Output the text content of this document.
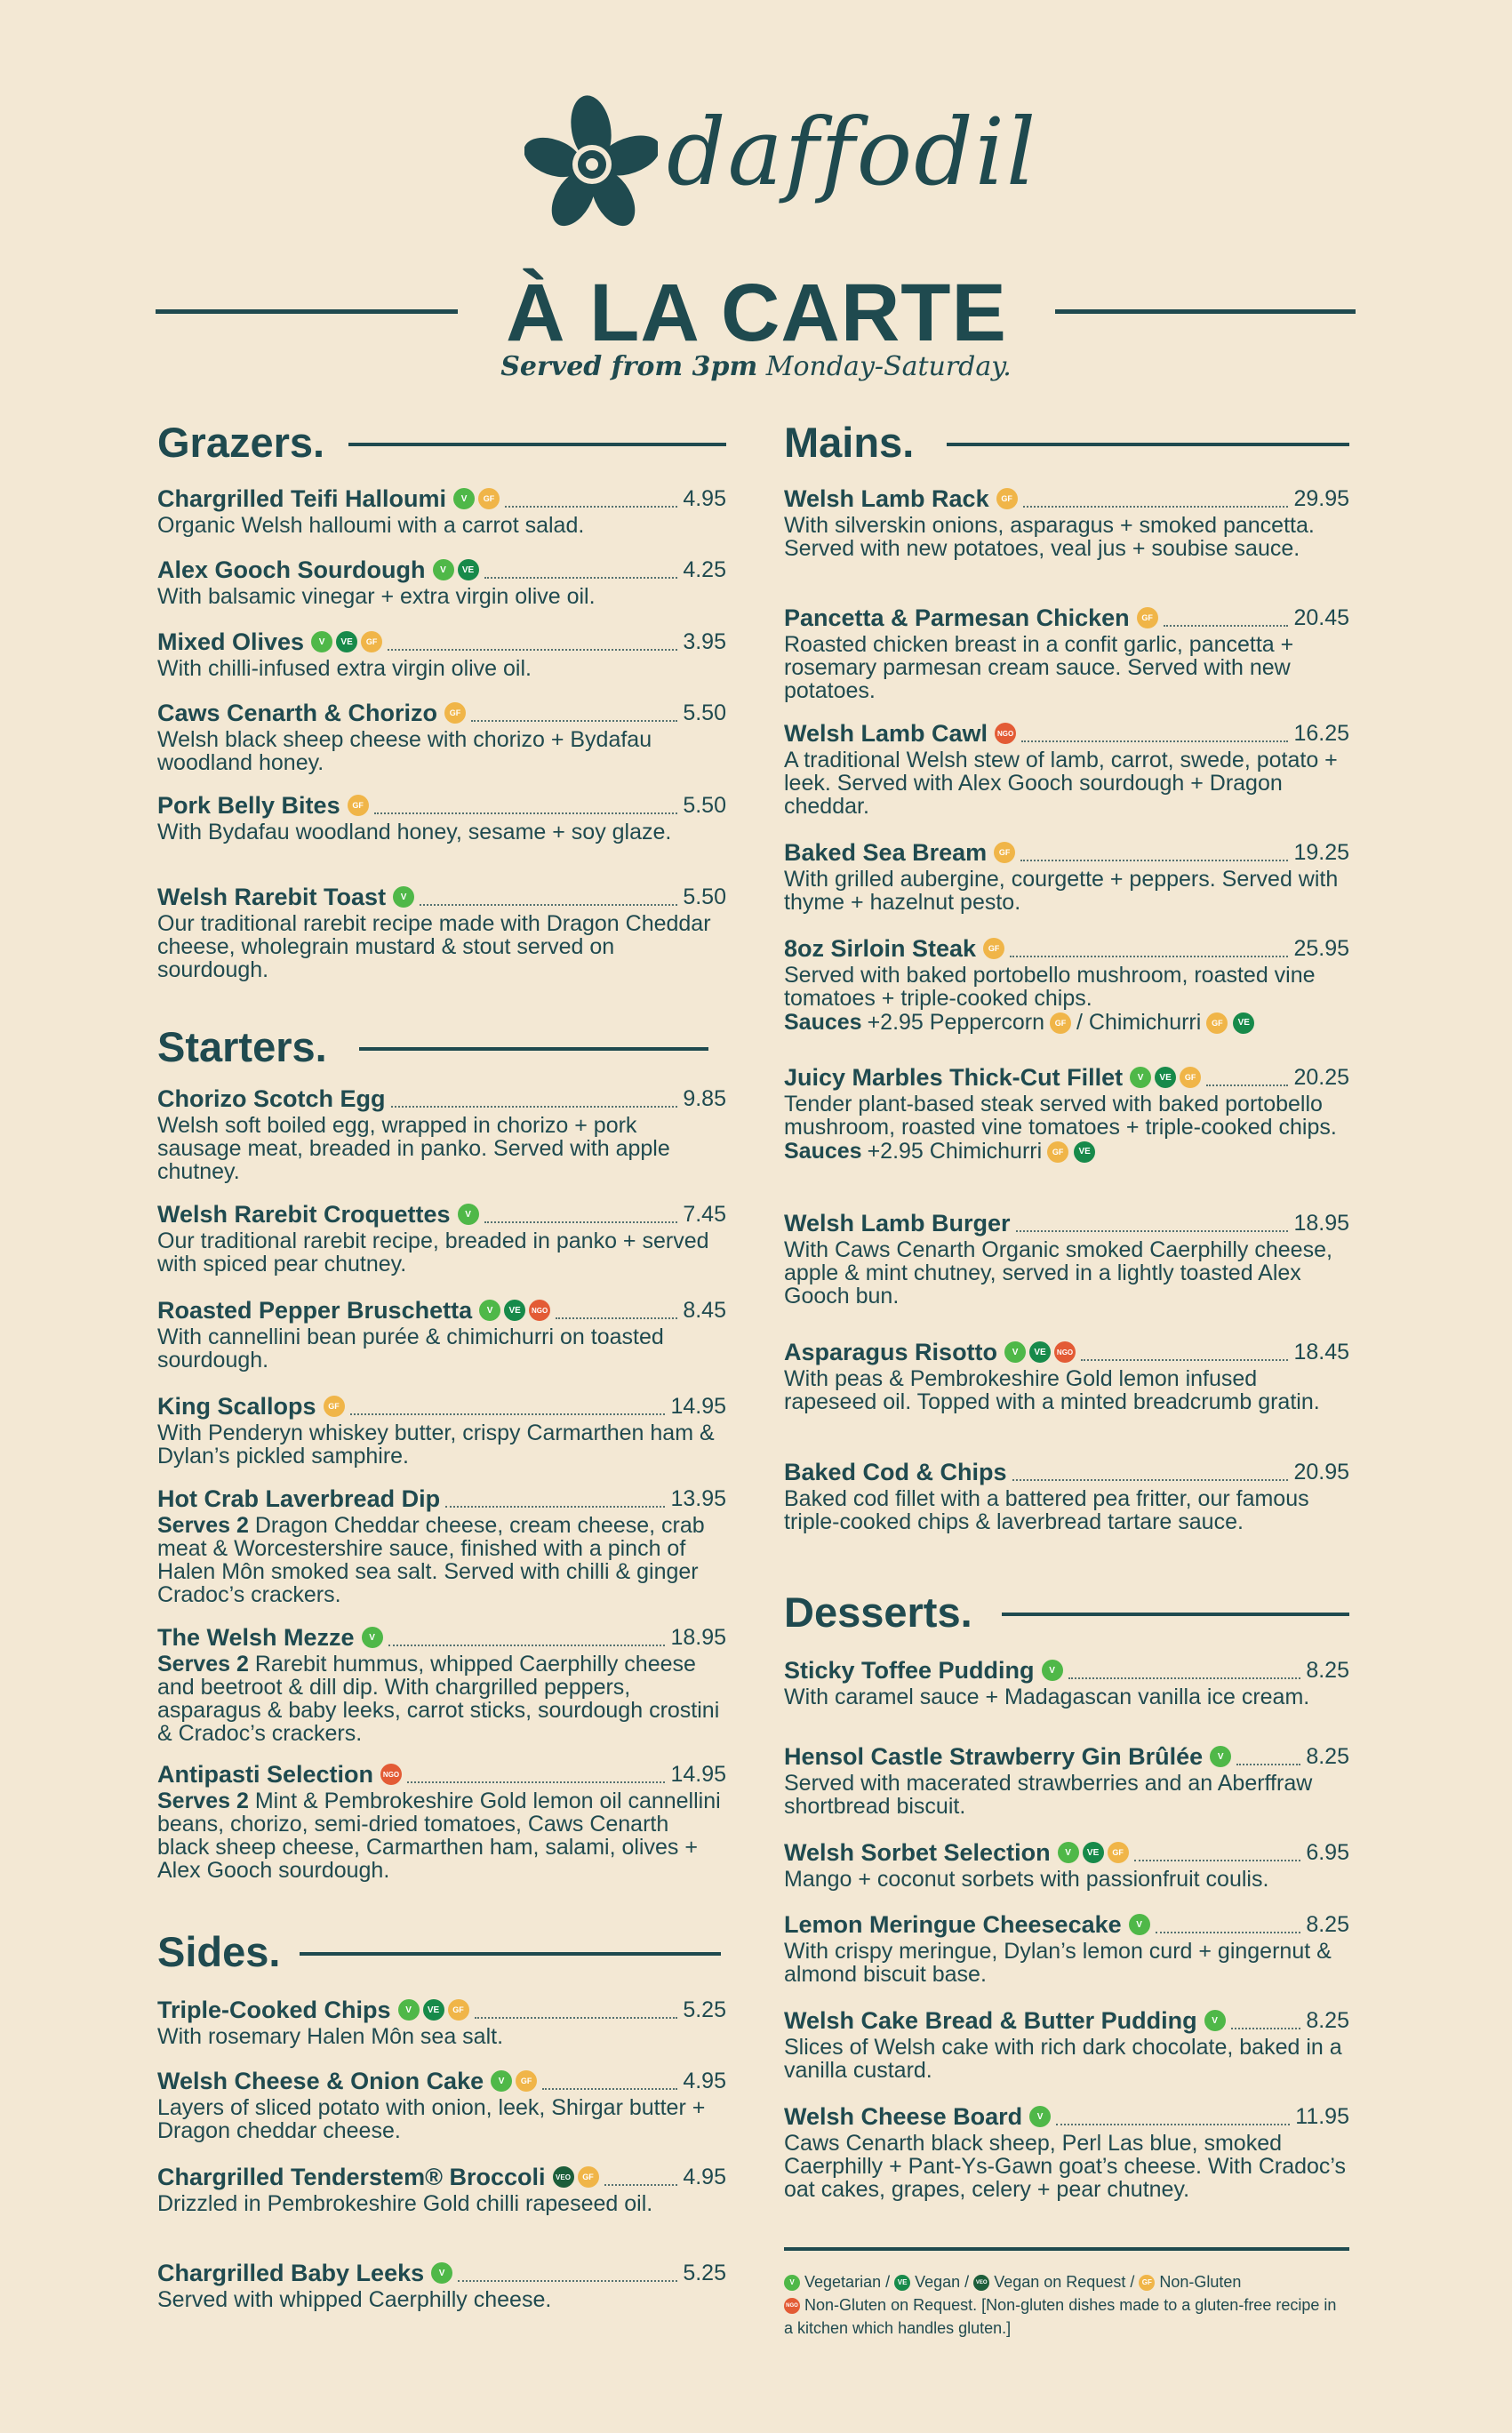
daffodil
À LA CARTE
Served from 3pm Monday-Saturday.
Grazers.
Chargrilled Teifi Halloumi	V	GF	4.95
Organic Welsh halloumi with a carrot salad.
Alex Gooch Sourdough	V	VE	4.25
With balsamic vinegar + extra virgin olive oil.
Mixed Olives	V	VE	GF	3.95
With chilli-infused extra virgin olive oil.
Caws Cenarth & Chorizo	GF	5.50
Welsh black sheep cheese with chorizo + Bydafau woodland honey.
Pork Belly Bites	GF	5.50
With Bydafau woodland honey, sesame + soy glaze.
Welsh Rarebit Toast	V	5.50
Our traditional rarebit recipe made with Dragon Cheddar cheese, wholegrain mustard & stout served on sourdough.
Starters.
Chorizo Scotch Egg	9.85
Welsh soft boiled egg, wrapped in chorizo + pork sausage meat, breaded in panko. Served with apple chutney.
Welsh Rarebit Croquettes	V	7.45
Our traditional rarebit recipe, breaded in panko + served with spiced pear chutney.
Roasted Pepper Bruschetta	V	VE	NGO	8.45
With cannellini bean purée & chimichurri on toasted sourdough.
King Scallops	GF	14.95
With Penderyn whiskey butter, crispy Carmarthen ham & Dylan’s pickled samphire.
Hot Crab Laverbread Dip	13.95
Serves 2 Dragon Cheddar cheese, cream cheese, crab meat & Worcestershire sauce, finished with a pinch of Halen Môn smoked sea salt. Served with chilli & ginger Cradoc’s crackers.
The Welsh Mezze	V	18.95
Serves 2 Rarebit hummus, whipped Caerphilly cheese and beetroot & dill dip. With chargrilled peppers, asparagus & baby leeks, carrot sticks, sourdough crostini & Cradoc’s crackers.
Antipasti Selection	NGO	14.95
Serves 2 Mint & Pembrokeshire Gold lemon oil cannellini beans, chorizo, semi-dried tomatoes, Caws Cenarth black sheep cheese, Carmarthen ham, salami, olives + Alex Gooch sourdough.
Sides.
Triple-Cooked Chips	V	VE	GF	5.25
With rosemary Halen Môn sea salt.
Welsh Cheese & Onion Cake	V	GF	4.95
Layers of sliced potato with onion, leek, Shirgar butter + Dragon cheddar cheese.
Chargrilled Tenderstem® Broccoli	VEO	GF	4.95
Drizzled in Pembrokeshire Gold chilli rapeseed oil.
Chargrilled Baby Leeks	V	5.25
Served with whipped Caerphilly cheese.
Mains.
Welsh Lamb Rack	GF	29.95
With silverskin onions, asparagus + smoked pancetta. Served with new potatoes, veal jus + soubise sauce.
Pancetta & Parmesan Chicken	GF	20.45
Roasted chicken breast in a confit garlic, pancetta + rosemary parmesan cream sauce. Served with new potatoes.
Welsh Lamb Cawl	NGO	16.25
A traditional Welsh stew of lamb, carrot, swede, potato + leek. Served with Alex Gooch sourdough + Dragon cheddar.
Baked Sea Bream	GF	19.25
With grilled aubergine, courgette + peppers. Served with thyme + hazelnut pesto.
8oz Sirloin Steak	GF	25.95
Served with baked portobello mushroom, roasted vine tomatoes + triple-cooked chips.
Sauces +2.95 Peppercorn	GF / Chimichurri	GF	VE
Juicy Marbles Thick-Cut Fillet	V	VE	GF	20.25
Tender plant-based steak served with baked portobello mushroom, roasted vine tomatoes + triple-cooked chips.
Sauces +2.95 Chimichurri	GF	VE
Welsh Lamb Burger	18.95
With Caws Cenarth Organic smoked Caerphilly cheese, apple & mint chutney, served in a lightly toasted Alex Gooch bun.
Asparagus Risotto	V	VE	NGO	18.45
With peas & Pembrokeshire Gold lemon infused rapeseed oil. Topped with a minted breadcrumb gratin.
Baked Cod & Chips	20.95
Baked cod fillet with a battered pea fritter, our famous triple-cooked chips & laverbread tartare sauce.
Desserts.
Sticky Toffee Pudding	V	8.25
With caramel sauce + Madagascan vanilla ice cream.
Hensol Castle Strawberry Gin Brûlée	V	8.25
Served with macerated strawberries and an Aberffraw shortbread biscuit.
Welsh Sorbet Selection	V	VE	GF	6.95
Mango + coconut sorbets with passionfruit coulis.
Lemon Meringue Cheesecake	V	8.25
With crispy meringue, Dylan’s lemon curd + gingernut & almond biscuit base.
Welsh Cake Bread & Butter Pudding	V	8.25
Slices of Welsh cake with rich dark chocolate, baked in a vanilla custard.
Welsh Cheese Board	V	11.95
Caws Cenarth black sheep, Perl Las blue, smoked Caerphilly + Pant-Ys-Gawn goat’s cheese. With Cradoc’s oat cakes, grapes, celery + pear chutney.
V Vegetarian / VE Vegan / VEO Vegan on Request / GF Non-Gluten
NGO Non-Gluten on Request. [Non-gluten dishes made to a gluten-free recipe in a kitchen which handles gluten.]
